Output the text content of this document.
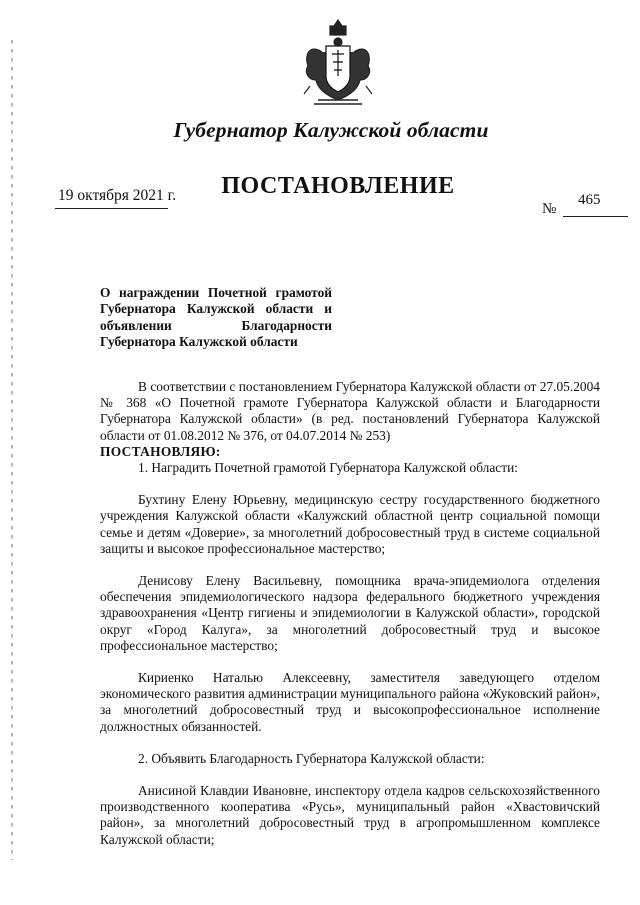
Губернатор Калужской области
19 октября 2021 г.	ПОСТАНОВЛЕНИЕ
465
№
О награждении Почетной грамотой Губернатора Калужской области и объявлении Благодарности Губернатора Калужской области

В соответствии с постановлением Губернатора Калужской области от 27.05.2004 № 368 «О Почетной грамоте Губернатора Калужской области и Благодарности Губернатора Калужской области» (в ред. постановлений Губернатора Калужской области от 01.08.2012 № 376, от 04.07.2014 № 253)

ПОСТАНОВЛЯЮ:

1. Наградить Почетной грамотой Губернатора Калужской области:

Бухтину Елену Юрьевну, медицинскую сестру государственного бюджетного учреждения Калужской области «Калужский областной центр социальной помощи семье и детям «Доверие», за многолетний добросовестный труд в системе социальной защиты и высокое профессиональное мастерство;

Денисову Елену Васильевну, помощника врача-эпидемиолога отделения обеспечения эпидемиологического надзора федерального бюджетного учреждения здравоохранения «Центр гигиены и эпидемиологии в Калужской области», городской округ «Город Калуга», за многолетний добросовестный труд и высокое профессиональное мастерство;

Кириенко Наталью Алексеевну, заместителя заведующего отделом экономического развития администрации муниципального района «Жуковский район», за многолетний добросовестный труд и высокопрофессиональное исполнение должностных обязанностей.

2. Объявить Благодарность Губернатора Калужской области:

Анисиной Клавдии Ивановне, инспектору отдела кадров сельскохозяйственного производственного кооператива «Русь», муниципальный район «Хвастовичский район», за многолетний добросовестный труд в агропромышленном комплексе Калужской области;
